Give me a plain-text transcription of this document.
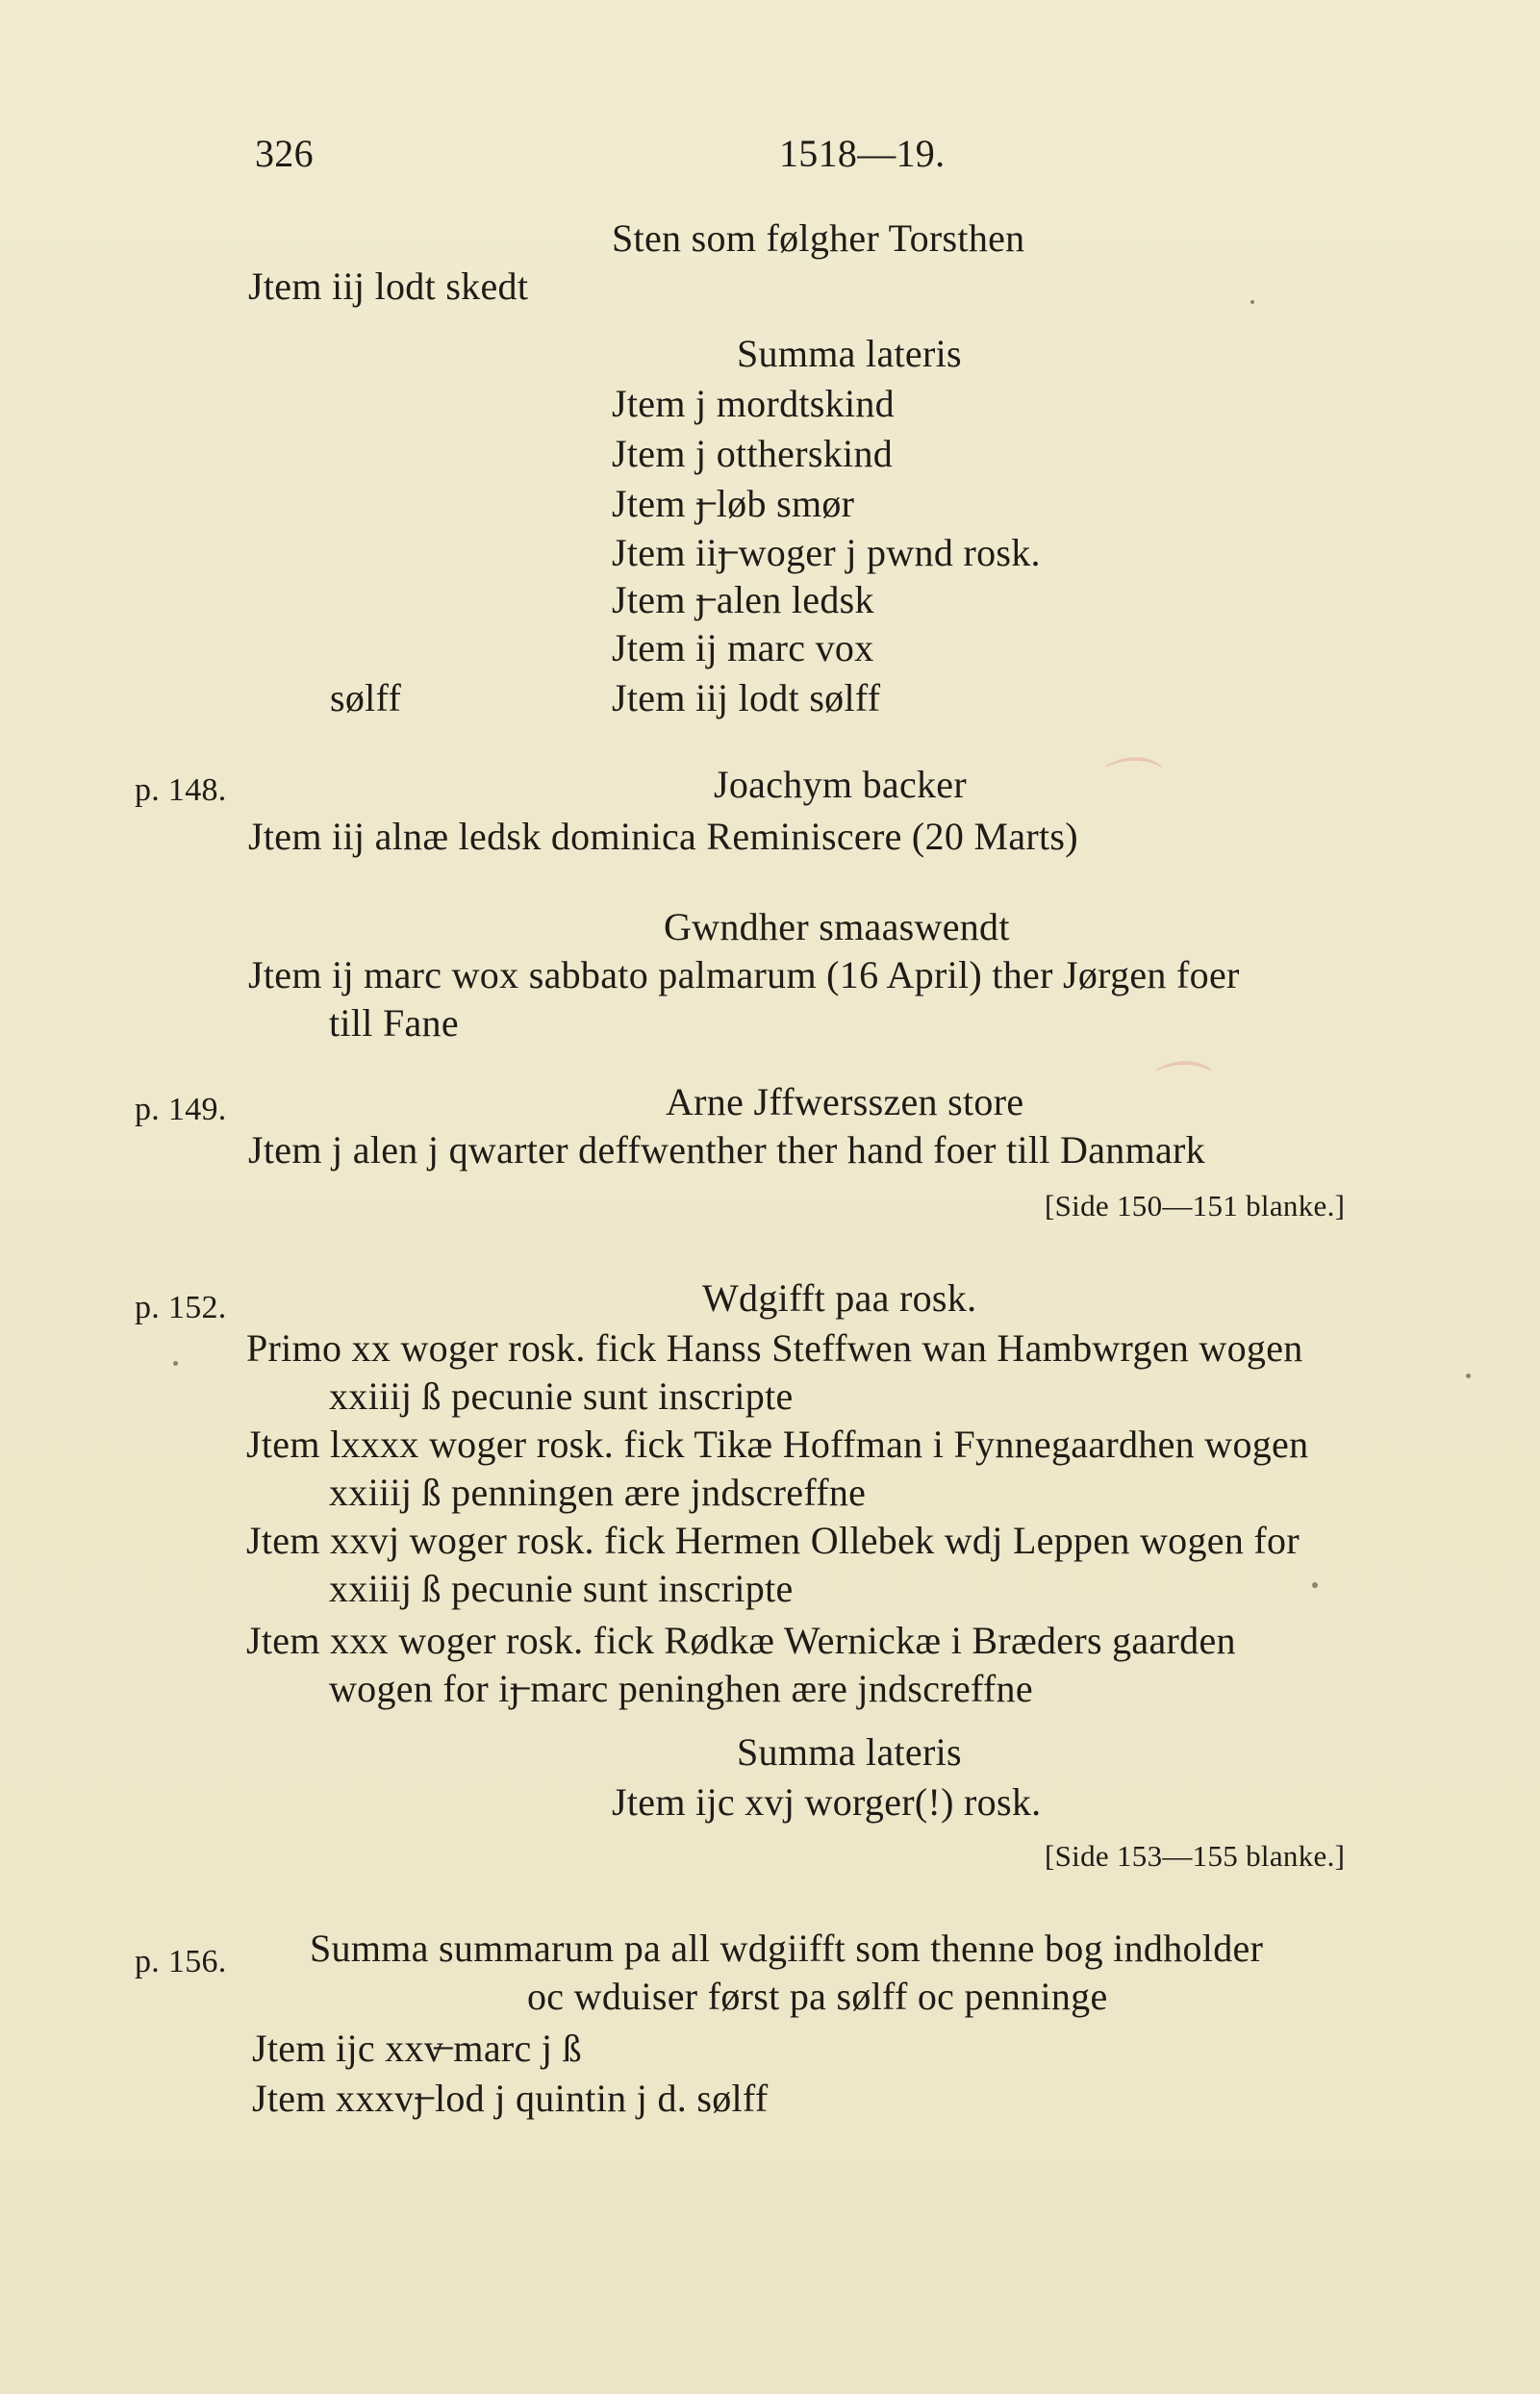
326	1518—19.
Sten som følgher Torsthen
Jtem iij lodt skedt
Summa lateris
Jtem j mordtskind
Jtem j ottherskind
Jtem ȷ̶ løb smør
Jtem iiȷ̶ woger j pwnd rosk.
Jtem ȷ̶ alen ledsk
Jtem ij marc vox
sølff	Jtem iij lodt sølff
p. 148.	Joachym backer
Jtem iij alnæ ledsk dominica Reminiscere (20 Marts)
Gwndher smaaswendt
Jtem ij marc wox sabbato palmarum (16 April) ther Jørgen foer
till Fane
p. 149.	Arne Jffwerssze​n store
Jtem j alen j qwarter deffwenther ther hand foer till Danmark
[Side 150—151 blanke.]
p. 152.	Wdgifft paa rosk.
Primo xx woger rosk. fick Hanss Steffwen wan Hambwrgen wogen
xxiiij ß pecunie sunt inscripte
Jtem lxxxx woger rosk. fick Tikæ Hoffman i Fynnegaardhen wogen
xxiiij ß penningen ære jndscreffne
Jtem xxvj woger rosk. fick Hermen Ollebek wdj Leppen wogen for
xxiiij ß pecunie sunt inscripte
Jtem xxx woger rosk. fick Rødkæ Wernickæ i Bræders gaarden
wogen for iȷ̶ marc peninghen ære jndscreffne
Summa lateris
Jtem ijc xvj worger(!) rosk.
[Side 153—155 blanke.]
p. 156. Summa summarum pa all wdgiifft som thenne bog indholder
oc wduiser først pa sølff oc penninge
Jtem ijc xxv̶ marc j ß
Jtem xxxvȷ̶ lod j quintin j d. sølff
⌒
⌒
